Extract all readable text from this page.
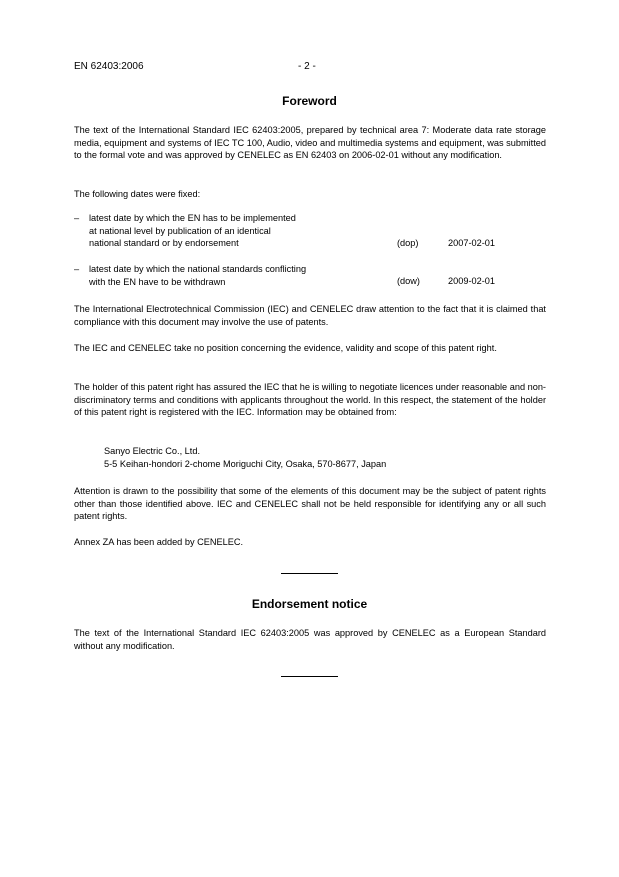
EN 62403:2006	- 2 -
Foreword

The text of the International Standard IEC 62403:2005, prepared by technical area 7: Moderate data rate storage media, equipment and systems of IEC TC 100, Audio, video and multimedia systems and equipment, was submitted to the formal vote and was approved by CENELEC as EN 62403 on 2006-02-01 without any modification.

The following dates were fixed:

– latest date by which the EN has to be implemented
at national level by publication of an identical
national standard or by endorsement	(dop)	2007-02-01
– latest date by which the national standards conflicting
with the EN have to be withdrawn	(dow)	2009-02-01

The International Electrotechnical Commission (IEC) and CENELEC draw attention to the fact that it is claimed that compliance with this document may involve the use of patents.

The IEC and CENELEC take no position concerning the evidence, validity and scope of this patent right.

The holder of this patent right has assured the IEC that he is willing to negotiate licences under reasonable and non-discriminatory terms and conditions with applicants throughout the world. In this respect, the statement of the holder of this patent right is registered with the IEC. Information may be obtained from:

Sanyo Electric Co., Ltd.
5-5 Keihan-hondori 2-chome Moriguchi City, Osaka, 570-8677, Japan

Attention is drawn to the possibility that some of the elements of this document may be the subject of patent rights other than those identified above. IEC and CENELEC shall not be held responsible for identifying any or all such patent rights.

Annex ZA has been added by CENELEC.

Endorsement notice

The text of the International Standard IEC 62403:2005 was approved by CENELEC as a European Standard without any modification.
